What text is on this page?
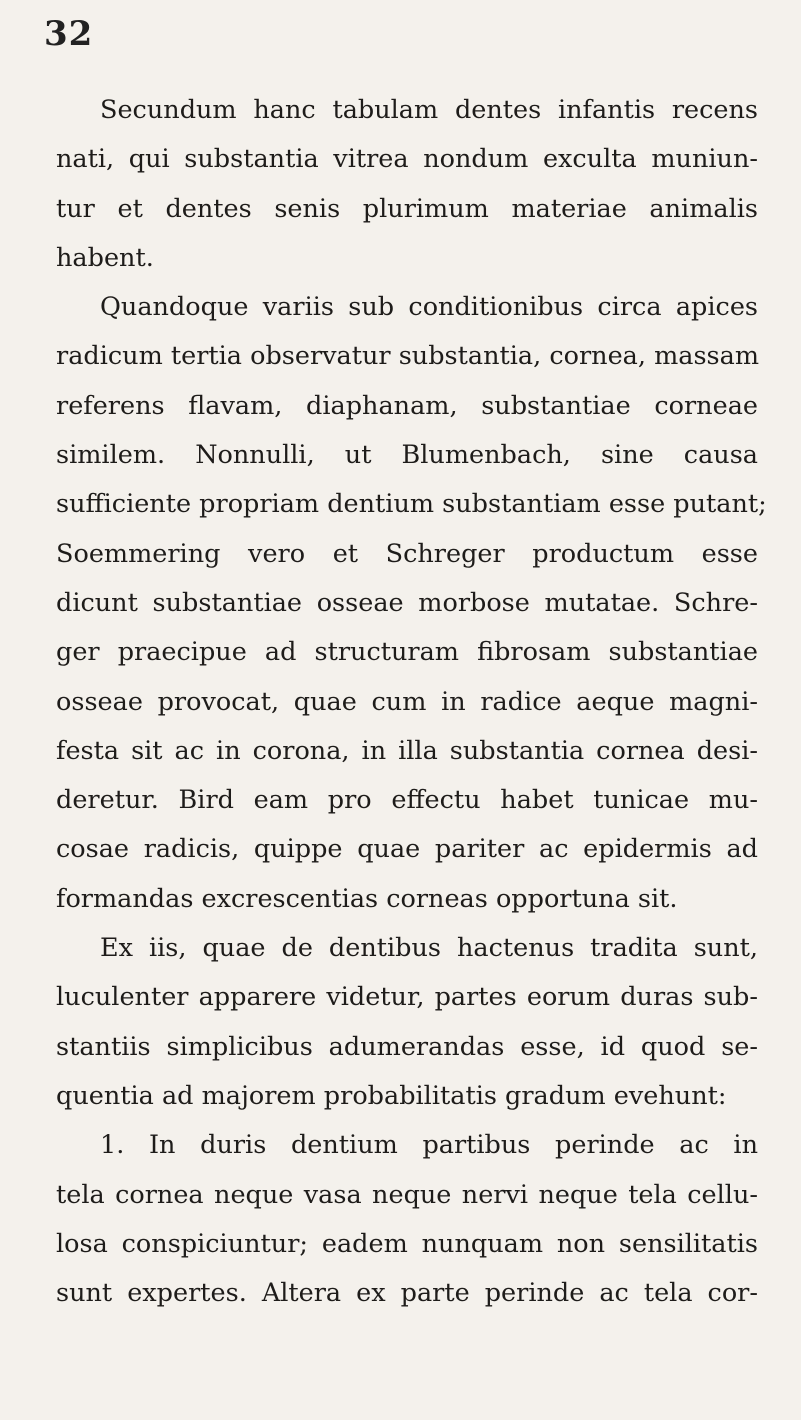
32
Secundum hanc tabulam dentes infantis recens
nati, qui substantia vitrea nondum exculta muniun-
tur et dentes senis plurimum materiae animalis
habent.
Quandoque variis sub conditionibus circa apices
radicum tertia observatur substantia, cornea, massam
referens flavam, diaphanam, substantiae corneae
similem. Nonnulli, ut Blumenbach, sine causa
sufficiente propriam dentium substantiam esse putant;
Soemmering vero et Schreger productum esse
dicunt substantiae osseae morbose mutatae. Schre-
ger praecipue ad structuram fibrosam substantiae
osseae provocat, quae cum in radice aeque magni-
festa sit ac in corona, in illa substantia cornea desi-
deretur. Bird eam pro effectu habet tunicae mu-
cosae radicis, quippe quae pariter ac epidermis ad
formandas excrescentias corneas opportuna sit.
Ex iis, quae de dentibus hactenus tradita sunt,
luculenter apparere videtur, partes eorum duras sub-
stantiis simplicibus adumerandas esse, id quod se-
quentia ad majorem probabilitatis gradum evehunt:
1. In duris dentium partibus perinde ac in
tela cornea neque vasa neque nervi neque tela cellu-
losa conspiciuntur; eadem nunquam non sensilitatis
sunt expertes. Altera ex parte perinde ac tela cor-
